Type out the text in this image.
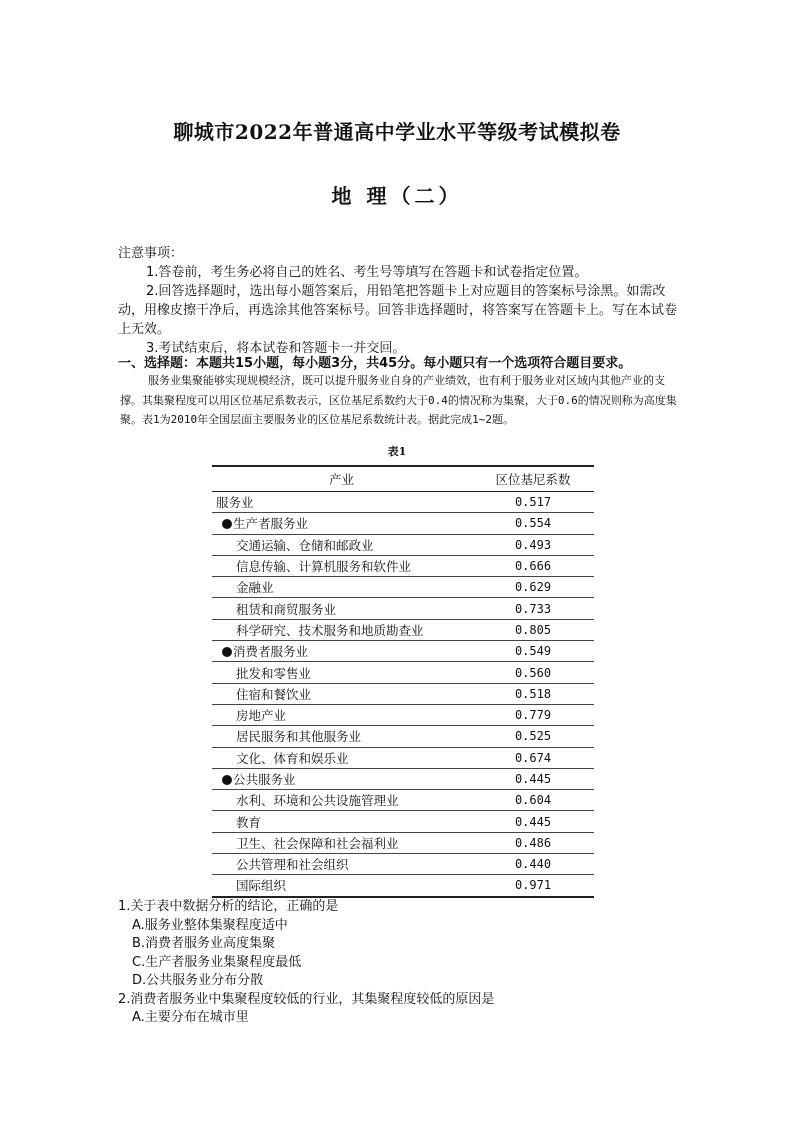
聊城市2022年普通高中学业水平等级考试模拟卷
地 理（二）

注意事项：

1.答卷前，考生务必将自己的姓名、考生号等填写在答题卡和试卷指定位置。

2.回答选择题时，选出每小题答案后，用铅笔把答题卡上对应题目的答案标号涂黑。如需改动，用橡皮擦干净后，再选涂其他答案标号。回答非选择题时，将答案写在答题卡上。写在本试卷上无效。

3.考试结束后，将本试卷和答题卡一并交回。

一、选择题：本题共15小题，每小题3分，共45分。每小题只有一个选项符合题目要求。
服务业集聚能够实现规模经济，既可以提升服务业自身的产业绩效，也有利于服务业对区域内其他产业的支撑。其集聚程度可以用区位基尼系数表示，区位基尼系数约大于0.4的情况称为集聚，大于0.6的情况则称为高度集聚。表1为2010年全国层面主要服务业的区位基尼系数统计表。据此完成1~2题。
表1
产业	区位基尼系数
服务业	0.517
生产者服务业	0.554
交通运输、仓储和邮政业	0.493
信息传输、计算机服务和软件业	0.666
金融业	0.629
租赁和商贸服务业	0.733
科学研究、技术服务和地质勘查业	0.805
消费者服务业	0.549
批发和零售业	0.560
住宿和餐饮业	0.518
房地产业	0.779
居民服务和其他服务业	0.525
文化、体育和娱乐业	0.674
公共服务业	0.445
水利、环境和公共设施管理业	0.604
教育	0.445
卫生、社会保障和社会福利业	0.486
公共管理和社会组织	0.440
国际组织	0.971

1.关于表中数据分析的结论，正确的是

A.服务业整体集聚程度适中

B.消费者服务业高度集聚

C.生产者服务业集聚程度最低

D.公共服务业分布分散

2.消费者服务业中集聚程度较低的行业，其集聚程度较低的原因是

A.主要分布在城市里
